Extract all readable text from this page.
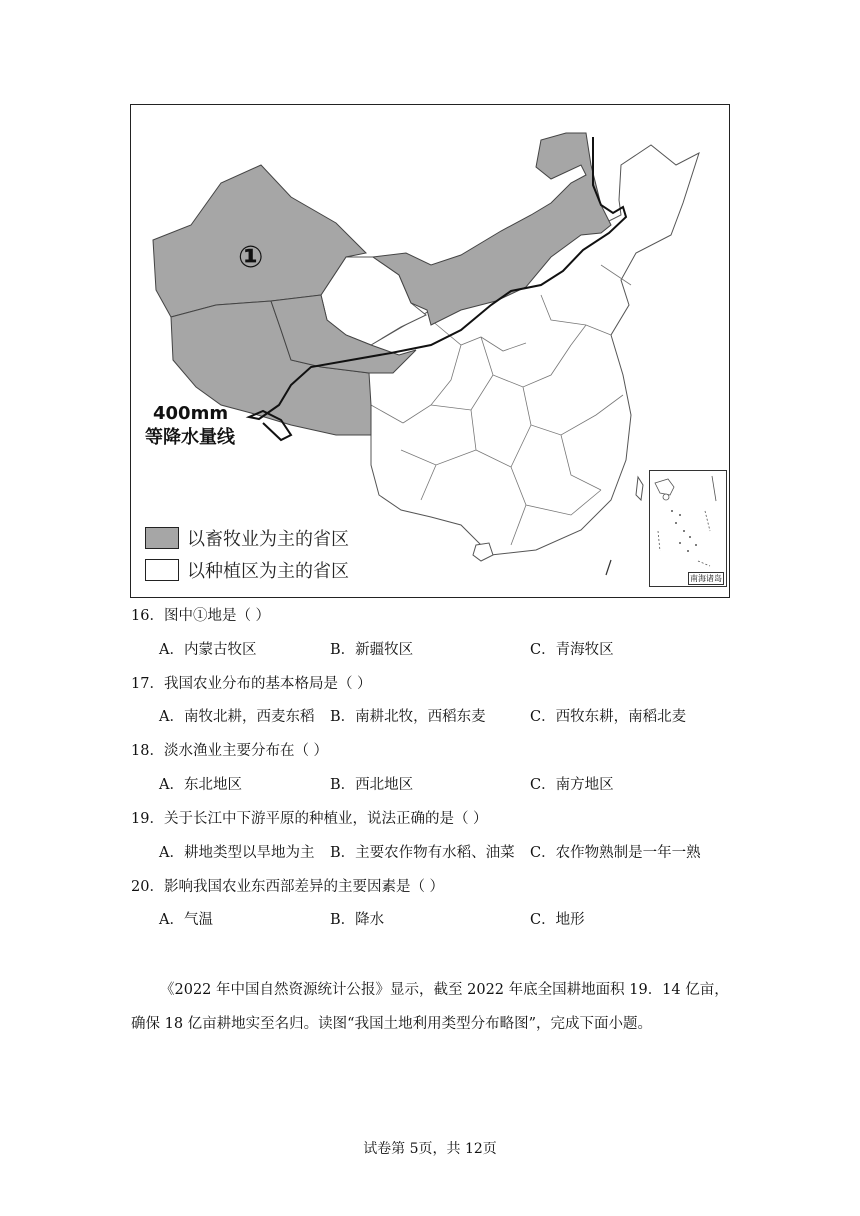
①
400mm
等降水量线
以畜牧业为主的省区
以种植区为主的省区	南海诸岛
16．图中①地是（ ）
A．内蒙古牧区	B．新疆牧区	C．青海牧区
17．我国农业分布的基本格局是（ ）
A．南牧北耕，西麦东稻 B．南耕北牧，西稻东麦	C．西牧东耕，南稻北麦
18．淡水渔业主要分布在（ ）
A．东北地区	B．西北地区	C．南方地区
19．关于长江中下游平原的种植业，说法正确的是（ ）
A．耕地类型以旱地为主 B．主要农作物有水稻、油菜 C．农作物熟制是一年一熟
20．影响我国农业东西部差异的主要因素是（ ）
A．气温	B．降水	C．地形
《2022 年中国自然资源统计公报》显示，截至 2022 年底全国耕地面积 19．14 亿亩，
确保 18 亿亩耕地实至名归。读图“我国土地利用类型分布略图”，完成下面小题。
试卷第 5页，共 12页
